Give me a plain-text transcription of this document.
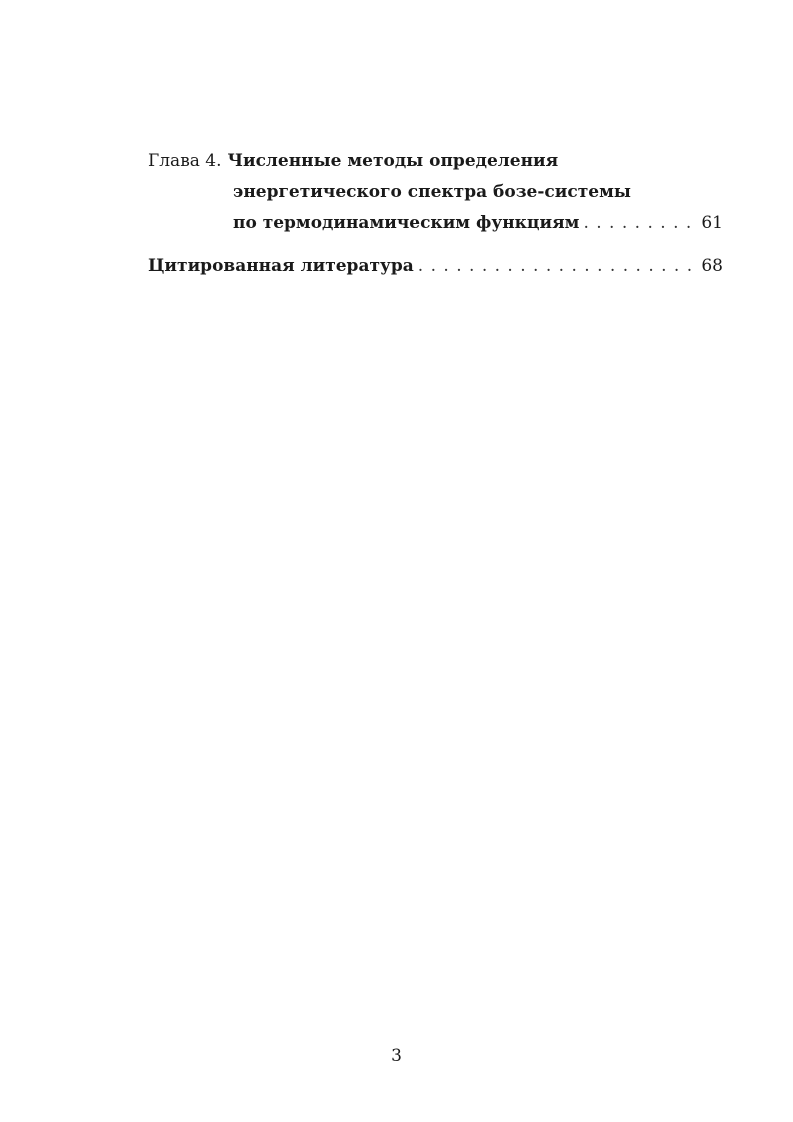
Глава 4. Численные методы определения
энергетического спектра бозе-системы
по термодинамическим функциям . . .	61
Цитированная литература . . .	68
3
